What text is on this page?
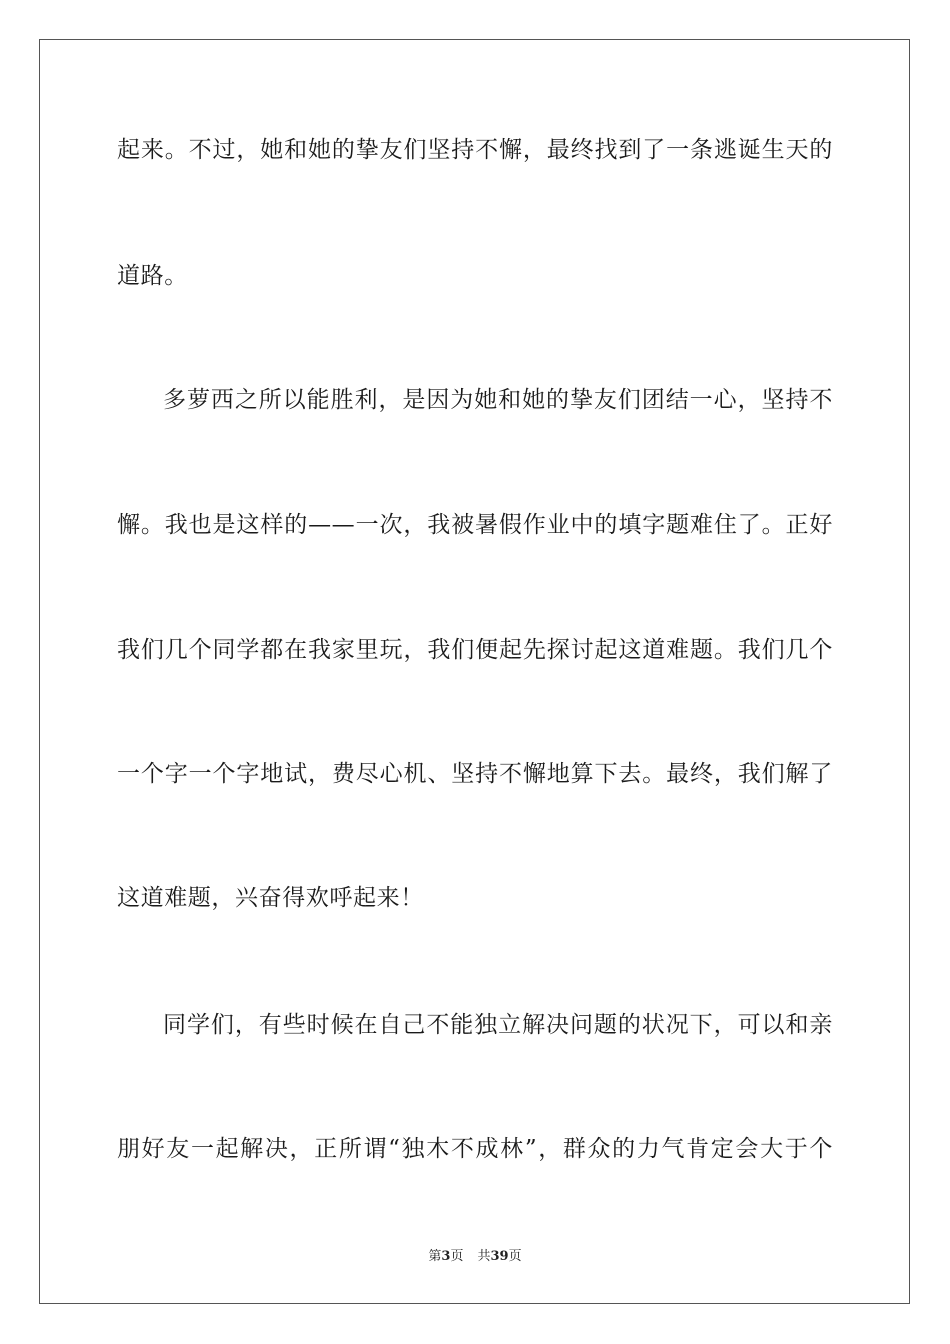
起来。不过，她和她的挚友们坚持不懈，最终找到了一条逃诞生天的
道路。
多萝西之所以能胜利，是因为她和她的挚友们团结一心，坚持不
懈。我也是这样的——一次，我被暑假作业中的填字题难住了。正好
我们几个同学都在我家里玩，我们便起先探讨起这道难题。我们几个
一个字一个字地试，费尽心机、坚持不懈地算下去。最终，我们解了
这道难题，兴奋得欢呼起来！
同学们，有些时候在自己不能独立解决问题的状况下，可以和亲
朋好友一起解决，正所谓“独木不成林”，群众的力气肯定会大于个
第3页 共39页
